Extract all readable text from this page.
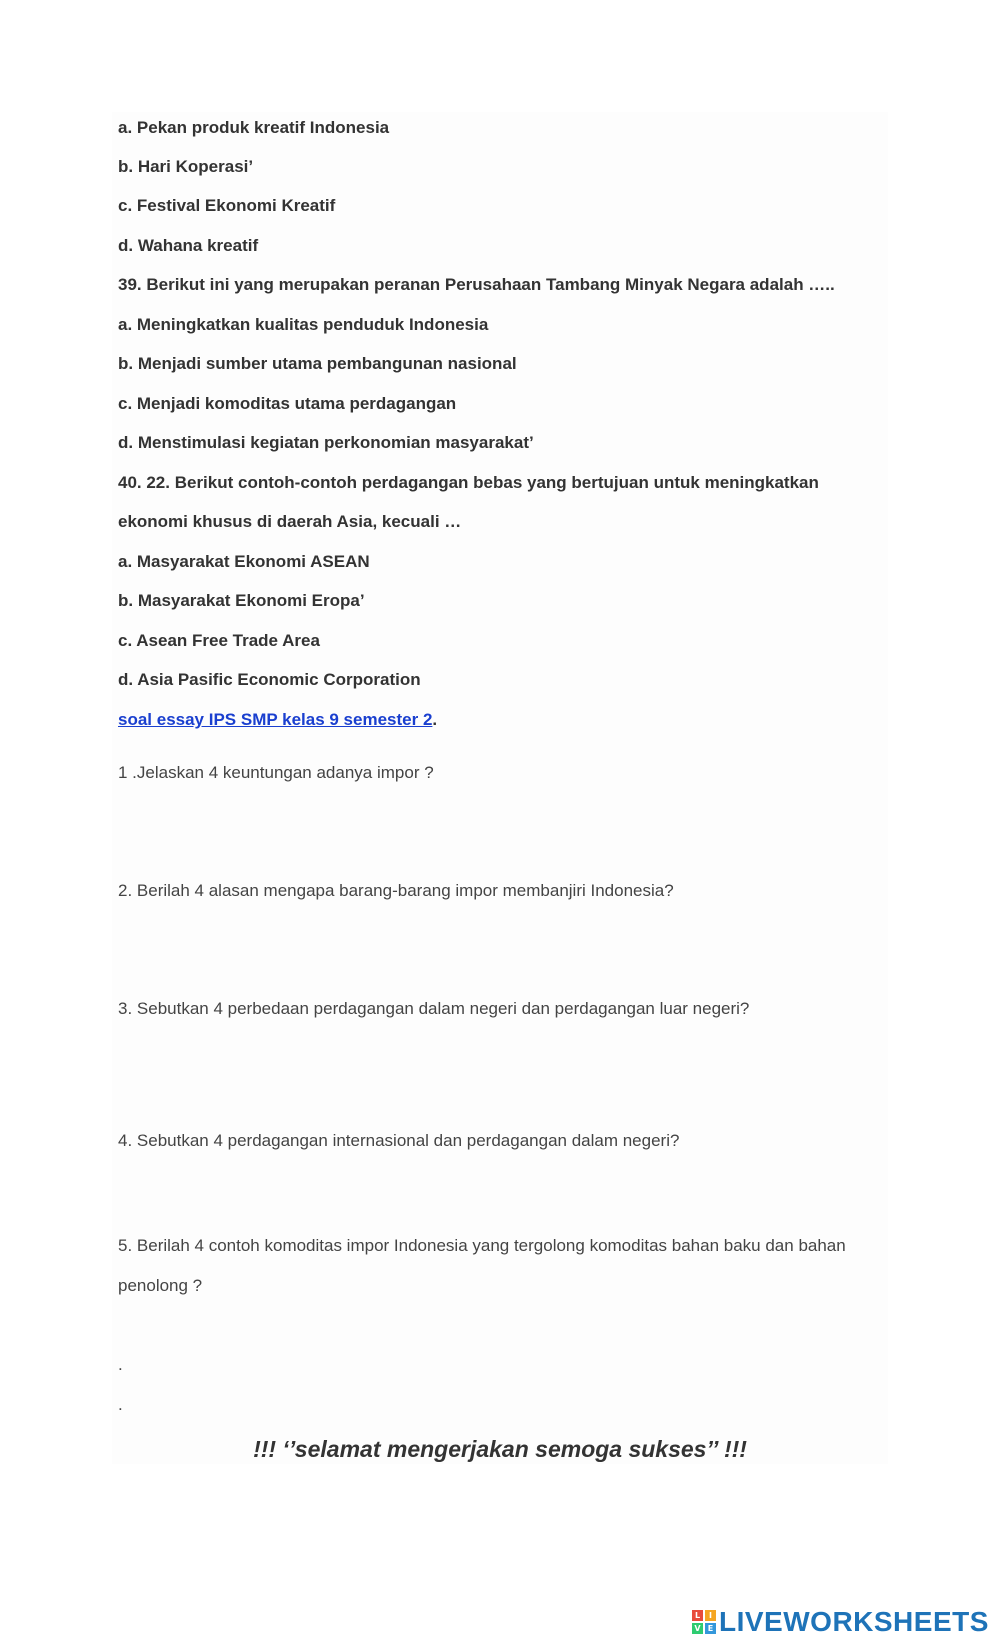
a. Pekan produk kreatif Indonesia

b. Hari Koperasi’

c. Festival Ekonomi Kreatif

d. Wahana kreatif

39. Berikut ini yang merupakan peranan Perusahaan Tambang Minyak Negara adalah …..

a. Meningkatkan kualitas penduduk Indonesia

b. Menjadi sumber utama pembangunan nasional

c. Menjadi komoditas utama perdagangan

d. Menstimulasi kegiatan perkonomian masyarakat’

40. 22. Berikut contoh-contoh perdagangan bebas yang bertujuan untuk meningkatkan

ekonomi khusus di daerah Asia, kecuali …

a. Masyarakat Ekonomi ASEAN

b. Masyarakat Ekonomi Eropa’

c. Asean Free Trade Area

d. Asia Pasific Economic Corporation

soal essay IPS SMP kelas 9 semester 2.

1 .Jelaskan 4 keuntungan adanya impor ?

2. Berilah 4 alasan mengapa barang-barang impor membanjiri Indonesia?

3. Sebutkan 4 perbedaan perdagangan dalam negeri dan perdagangan luar negeri?

4. Sebutkan 4 perdagangan internasional dan perdagangan dalam negeri?

5. Berilah 4 contoh komoditas impor Indonesia yang tergolong komoditas bahan baku dan bahan

penolong ?

.

.

!!! ‘’selamat mengerjakan semoga sukses’’ !!!

L	I
V E LIVEWORKSHEETS
